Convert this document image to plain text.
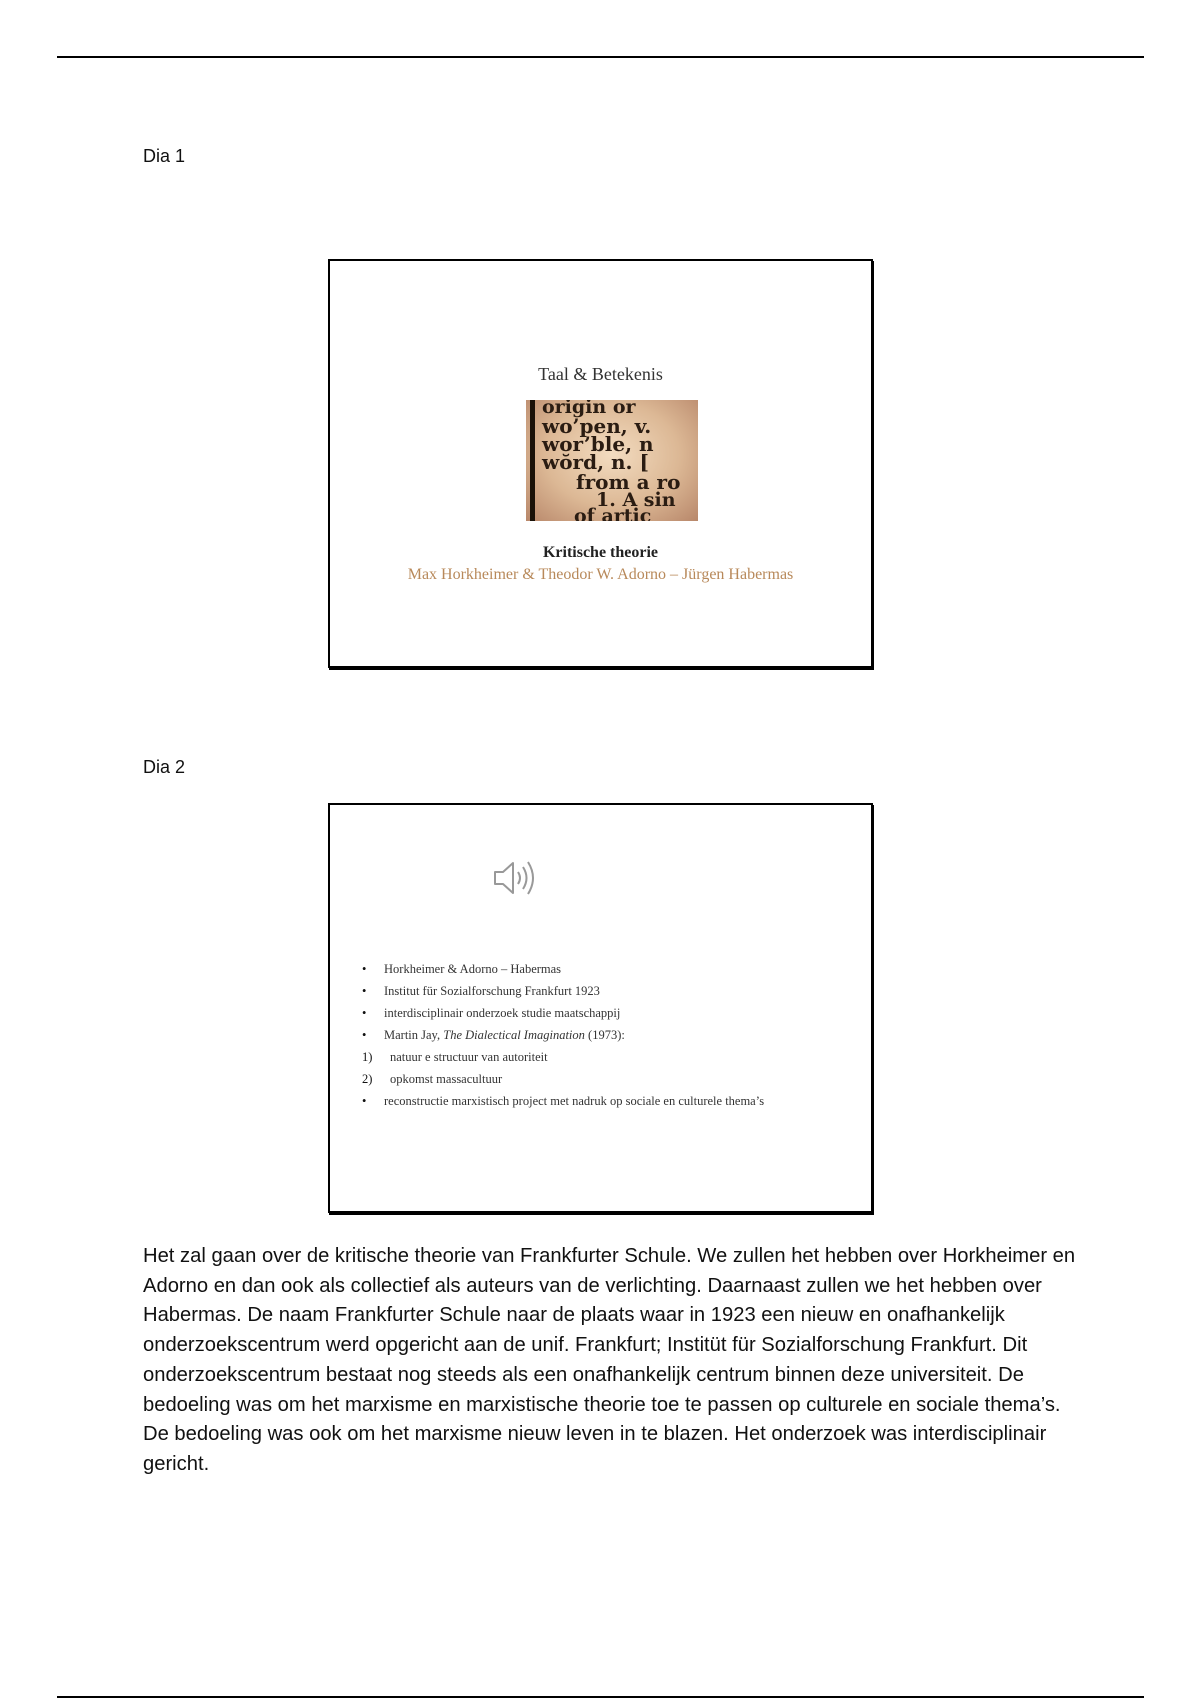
Dia 1
Taal & Betekenis
origin or
wo’pen, v.
wor’ble, n
wŏrd, n. [
from a ro
1. A sin
of artic
Kritische theorie
Max Horkheimer & Theodor W. Adorno – Jürgen Habermas
Dia 2
• Horkheimer & Adorno – Habermas
• Institut für Sozialforschung Frankfurt 1923
• interdisciplinair onderzoek studie maatschappij
• Martin Jay, The Dialectical Imagination (1973):
1) natuur e structuur van autoriteit
2) opkomst massacultuur
• reconstructie marxistisch project met nadruk op sociale en culturele thema’s

Het zal gaan over de kritische theorie van Frankfurter Schule. We zullen het hebben over Horkheimer en Adorno en dan ook als collectief als auteurs van de verlichting. Daarnaast zullen we het hebben over Habermas. De naam Frankfurter Schule naar de plaats waar in 1923 een nieuw en onafhankelijk onderzoekscentrum werd opgericht aan de unif. Frankfurt; Institüt für Sozialforschung Frankfurt. Dit onderzoekscentrum bestaat nog steeds als een onafhankelijk centrum binnen deze universiteit. De bedoeling was om het marxisme en marxistische theorie toe te passen op culturele en sociale thema’s. De bedoeling was ook om het marxisme nieuw leven in te blazen. Het onderzoek was interdisciplinair gericht.
